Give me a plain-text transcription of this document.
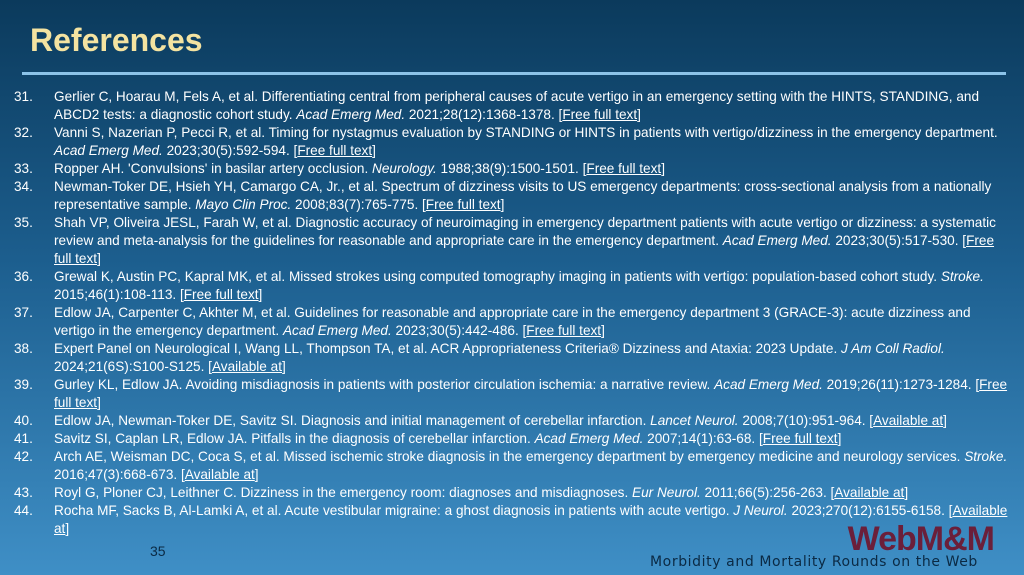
References
31. Gerlier C, Hoarau M, Fels A, et al. Differentiating central from peripheral causes of acute vertigo in an emergency setting with the HINTS, STANDING, and ABCD2 tests: a diagnostic cohort study. Acad Emerg Med. 2021;28(12):1368-1378. [Free full text]
32. Vanni S, Nazerian P, Pecci R, et al. Timing for nystagmus evaluation by STANDING or HINTS in patients with vertigo/dizziness in the emergency department. Acad Emerg Med. 2023;30(5):592-594. [Free full text]
33. Ropper AH. 'Convulsions' in basilar artery occlusion. Neurology. 1988;38(9):1500-1501. [Free full text]
34. Newman-Toker DE, Hsieh YH, Camargo CA, Jr., et al. Spectrum of dizziness visits to US emergency departments: cross-sectional analysis from a nationally representative sample. Mayo Clin Proc. 2008;83(7):765-775. [Free full text]
35. Shah VP, Oliveira JESL, Farah W, et al. Diagnostic accuracy of neuroimaging in emergency department patients with acute vertigo or dizziness: a systematic review and meta-analysis for the guidelines for reasonable and appropriate care in the emergency department. Acad Emerg Med. 2023;30(5):517-530. [Free full text]
36. Grewal K, Austin PC, Kapral MK, et al. Missed strokes using computed tomography imaging in patients with vertigo: population-based cohort study. Stroke. 2015;46(1):108-113. [Free full text]
37. Edlow JA, Carpenter C, Akhter M, et al. Guidelines for reasonable and appropriate care in the emergency department 3 (GRACE-3): acute dizziness and vertigo in the emergency department. Acad Emerg Med. 2023;30(5):442-486. [Free full text]
38. Expert Panel on Neurological I, Wang LL, Thompson TA, et al. ACR Appropriateness Criteria® Dizziness and Ataxia: 2023 Update. J Am Coll Radiol. 2024;21(6S):S100-S125. [Available at]
39. Gurley KL, Edlow JA. Avoiding misdiagnosis in patients with posterior circulation ischemia: a narrative review. Acad Emerg Med. 2019;26(11):1273-1284. [Free full text]
40. Edlow JA, Newman-Toker DE, Savitz SI. Diagnosis and initial management of cerebellar infarction. Lancet Neurol. 2008;7(10):951-964. [Available at]
41. Savitz SI, Caplan LR, Edlow JA. Pitfalls in the diagnosis of cerebellar infarction. Acad Emerg Med. 2007;14(1):63-68. [Free full text]
42. Arch AE, Weisman DC, Coca S, et al. Missed ischemic stroke diagnosis in the emergency department by emergency medicine and neurology services. Stroke. 2016;47(3):668-673. [Available at]
43. Royl G, Ploner CJ, Leithner C. Dizziness in the emergency room: diagnoses and misdiagnoses. Eur Neurol. 2011;66(5):256-263. [Available at]
44. Rocha MF, Sacks B, Al-Lamki A, et al. Acute vestibular migraine: a ghost diagnosis in patients with acute vertigo. J Neurol. 2023;270(12):6155-6158. [Available at]
35	WebM&M
Morbidity and Mortality Rounds on the Web
